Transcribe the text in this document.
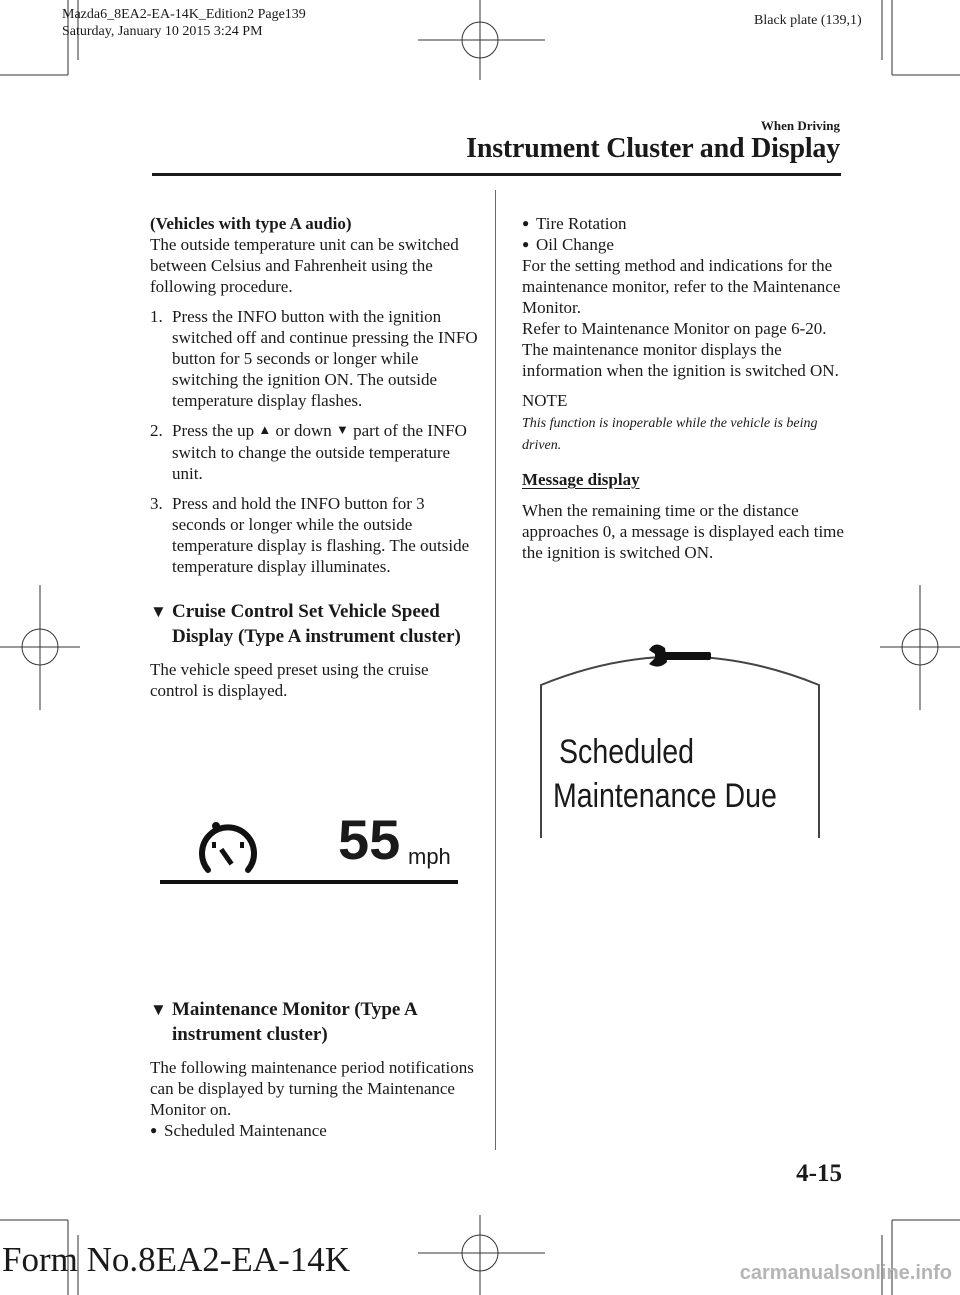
Mazda6_8EA2-EA-14K_Edition2 Page139
Saturday, January 10 2015 3:24 PM
Black plate (139,1)
When Driving
Instrument Cluster and Display

(Vehicles with type A audio)

The outside temperature unit can be switched between Celsius and Fahrenheit using the following procedure.

1. Press the INFO button with the ignition switched off and continue pressing the INFO button for 5 seconds or longer while switching the ignition ON. The outside temperature display flashes.
2. Press the up ▲ or down ▼ part of the INFO switch to change the outside temperature unit.
3. Press and hold the INFO button for 3 seconds or longer while the outside temperature display is flashing. The outside temperature display illuminates.
▼ Cruise Control Set Vehicle Speed Display (Type A instrument cluster)

The vehicle speed preset using the cruise control is displayed.

55 mph
▼ Maintenance Monitor (Type A instrument cluster)

The following maintenance period notifications can be displayed by turning the Maintenance Monitor on.

● Scheduled Maintenance
● Tire Rotation
● Oil Change

For the setting method and indications for the maintenance monitor, refer to the Maintenance Monitor.

Refer to Maintenance Monitor on page 6-20.

The maintenance monitor displays the information when the ignition is switched ON.

NOTE

This function is inoperable while the vehicle is being driven.

Message display

When the remaining time or the distance approaches 0, a message is displayed each time the ignition is switched ON.

Scheduled
Maintenance Due
4-15
Form No.8EA2-EA-14K	carmanualsonline.info
